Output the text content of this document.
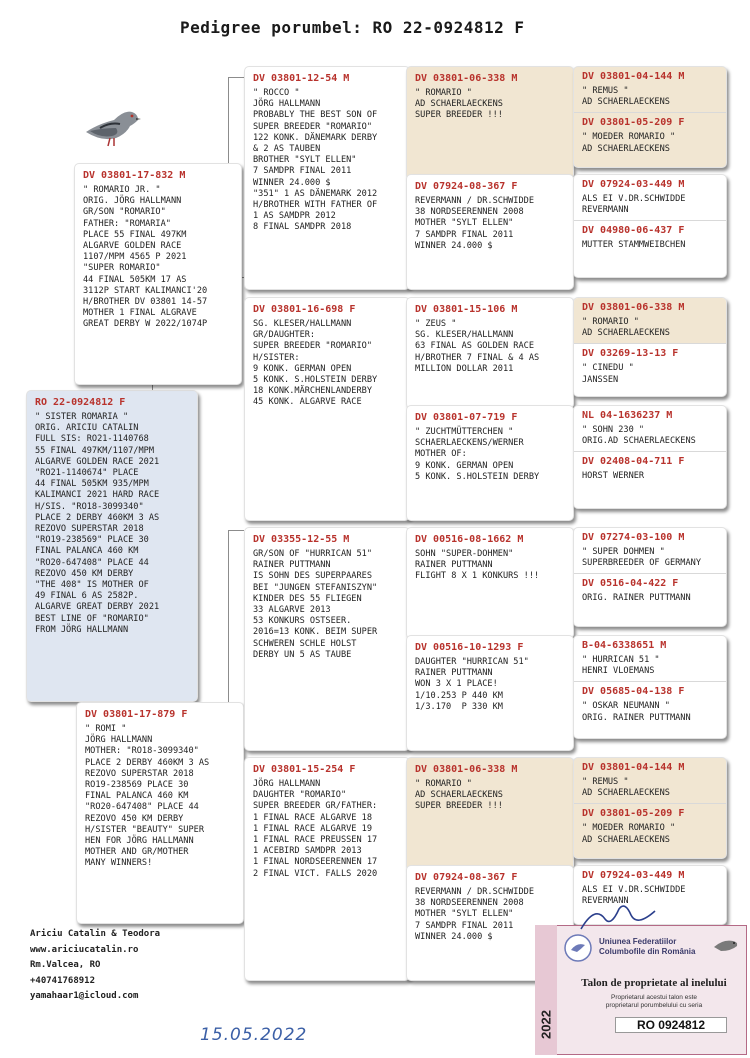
Pedigree porumbel: RO 22-0924812 F
RO 22-0924812 F
" SISTER ROMARIA "
ORIG. ARICIU CATALIN
FULL SIS: RO21-1140768
55 FINAL 497KM/1107/MPM
ALGARVE GOLDEN RACE 2021
"RO21-1140674" PLACE
44 FINAL 505KM 935/MPM
KALIMANCI 2021 HARD RACE
H/SIS. "RO18-3099340"
PLACE 2 DERBY 460KM 3 AS
REZOVO SUPERSTAR 2018
"RO19-238569" PLACE 30
FINAL PALANCA 460 KM
"RO20-647408" PLACE 44
REZOVO 450 KM DERBY
"THE 408" IS MOTHER OF
49 FINAL 6 AS 2582P.
ALGARVE GREAT DERBY 2021
BEST LINE OF "ROMARIO"
FROM JÖRG HALLMANN
DV 03801-17-832 M
" ROMARIO JR. "
ORIG. JÖRG HALLMANN
GR/SON "ROMARIO"
FATHER: "ROMARIA"
PLACE 55 FINAL 497KM
ALGARVE GOLDEN RACE
1107/MPM 4565 P 2021
"SUPER ROMARIO"
44 FINAL 505KM 17 AS
3112P START KALIMANCI'20
H/BROTHER DV 03801 14-57
MOTHER 1 FINAL ALGRAVE
GREAT DERBY W 2022/1074P
DV 03801-17-879 F
" ROMI "
JÖRG HALLMANN
MOTHER: "RO18-3099340"
PLACE 2 DERBY 460KM 3 AS
REZOVO SUPERSTAR 2018
RO19-238569 PLACE 30
FINAL PALANCA 460 KM
"RO20-647408" PLACE 44
REZOVO 450 KM DERBY
H/SISTER "BEAUTY" SUPER
HEN FOR JÖRG HALLMANN
MOTHER AND GR/MOTHER
MANY WINNERS!
DV 03801-12-54 M
" ROCCO "
JÖRG HALLMANN
PROBABLY THE BEST SON OF
SUPER BREEDER "ROMARIO"
122 KONK. DÄNEMARK DERBY
& 2 AS TAUBEN
BROTHER "SYLT ELLEN"
7 SAMDPR FINAL 2011
WINNER 24.000 $
"351" 1 AS DÄNEMARK 2012
H/BROTHER WITH FATHER OF
1 AS SAMDPR 2012
8 FINAL SAMDPR 2018
DV 03801-16-698 F
SG. KLESER/HALLMANN
GR/DAUGHTER:
SUPER BREEDER "ROMARIO"
H/SISTER:
9 KONK. GERMAN OPEN
5 KONK. S.HOLSTEIN DERBY
18 KONK.MÄRCHENLANDERBY
45 KONK. ALGARVE RACE
DV 03355-12-55 M
GR/SON OF "HURRICAN 51"
RAINER PUTTMANN
IS SOHN DES SUPERPAARES
BEI "JUNGEN STEFANISZYN"
KINDER DES 55 FLIEGEN
33 ALGARVE 2013
53 KONKURS OSTSEER.
2016=13 KONK. BEIM SUPER
SCHWEREN SCHLE HOLST
DERBY UN 5 AS TAUBE
DV 03801-15-254 F
JÖRG HALLMANN
DAUGHTER "ROMARIO"
SUPER BREEDER GR/FATHER:
1 FINAL RACE ALGARVE 18
1 FINAL RACE ALGARVE 19
1 FINAL RACE PREUSSEN 17
1 ACEBIRD SAMDPR 2013
1 FINAL NORDSEERENNEN 17
2 FINAL VICT. FALLS 2020
DV 03801-06-338 M
" ROMARIO "
AD SCHAERLAECKENS
SUPER BREEDER !!!
DV 07924-08-367 F
REVERMANN / DR.SCHWIDDE
38 NORDSEERENNEN 2008
MOTHER "SYLT ELLEN"
7 SAMDPR FINAL 2011
WINNER 24.000 $
DV 03801-15-106 M
" ZEUS "
SG. KLESER/HALLMANN
63 FINAL AS GOLDEN RACE
H/BROTHER 7 FINAL & 4 AS
MILLION DOLLAR 2011
DV 03801-07-719 F
" ZUCHTMÜTTERCHEN "
SCHAERLAECKENS/WERNER
MOTHER OF:
9 KONK. GERMAN OPEN
5 KONK. S.HOLSTEIN DERBY
DV 00516-08-1662 M
SOHN "SUPER-DOHMEN"
RAINER PUTTMANN
FLIGHT 8 X 1 KONKURS !!!
DV 00516-10-1293 F
DAUGHTER "HURRICAN 51"
RAINER PUTTMANN
WON 3 X 1 PLACE!
1/10.253 P 440 KM
1/3.170  P 330 KM
DV 03801-06-338 M
" ROMARIO "
AD SCHAERLAECKENS
SUPER BREEDER !!!
DV 07924-08-367 F
REVERMANN / DR.SCHWIDDE
38 NORDSEERENNEN 2008
MOTHER "SYLT ELLEN"
7 SAMDPR FINAL 2011
WINNER 24.000 $
DV 03801-04-144 M
" REMUS "
AD SCHAERLAECKENS
DV 03801-05-209 F
" MOEDER ROMARIO "
AD SCHAERLAECKENS
DV 07924-03-449 M
ALS EI V.DR.SCHWIDDE
REVERMANN
DV 04980-06-437 F
MUTTER STAMMWEIBCHEN
DV 03801-06-338 M
" ROMARIO "
AD SCHAERLAECKENS
DV 03269-13-13 F
" CINEDU "
JANSSEN
NL 04-1636237 M
" SOHN 230 "
ORIG.AD SCHAERLAECKENS
DV 02408-04-711 F
HORST WERNER
DV 07274-03-100 M
" SUPER DOHMEN "
SUPERBREEDER OF GERMANY
DV 0516-04-422 F
ORIG. RAINER PUTTMANN
B-04-6338651 M
" HURRICAN 51 "
HENRI VLOEMANS
DV 05685-04-138 F
" OSKAR NEUMANN "
ORIG. RAINER PUTTMANN
DV 03801-04-144 M
" REMUS "
AD SCHAERLAECKENS
DV 03801-05-209 F
" MOEDER ROMARIO "
AD SCHAERLAECKENS
DV 07924-03-449 M
ALS EI V.DR.SCHWIDDE
REVERMANN
Ariciu Catalin & Teodora
www.ariciucatalin.ro
Rm.Valcea, RO
+40741768912
yamahaar1@icloud.com
15.05.2022	2022
Uniunea Federatiilor
Columbofile din România
Talon de proprietate al inelului
Proprietarul acestui talon este
proprietarul porumbelului cu seria
RO 0924812
